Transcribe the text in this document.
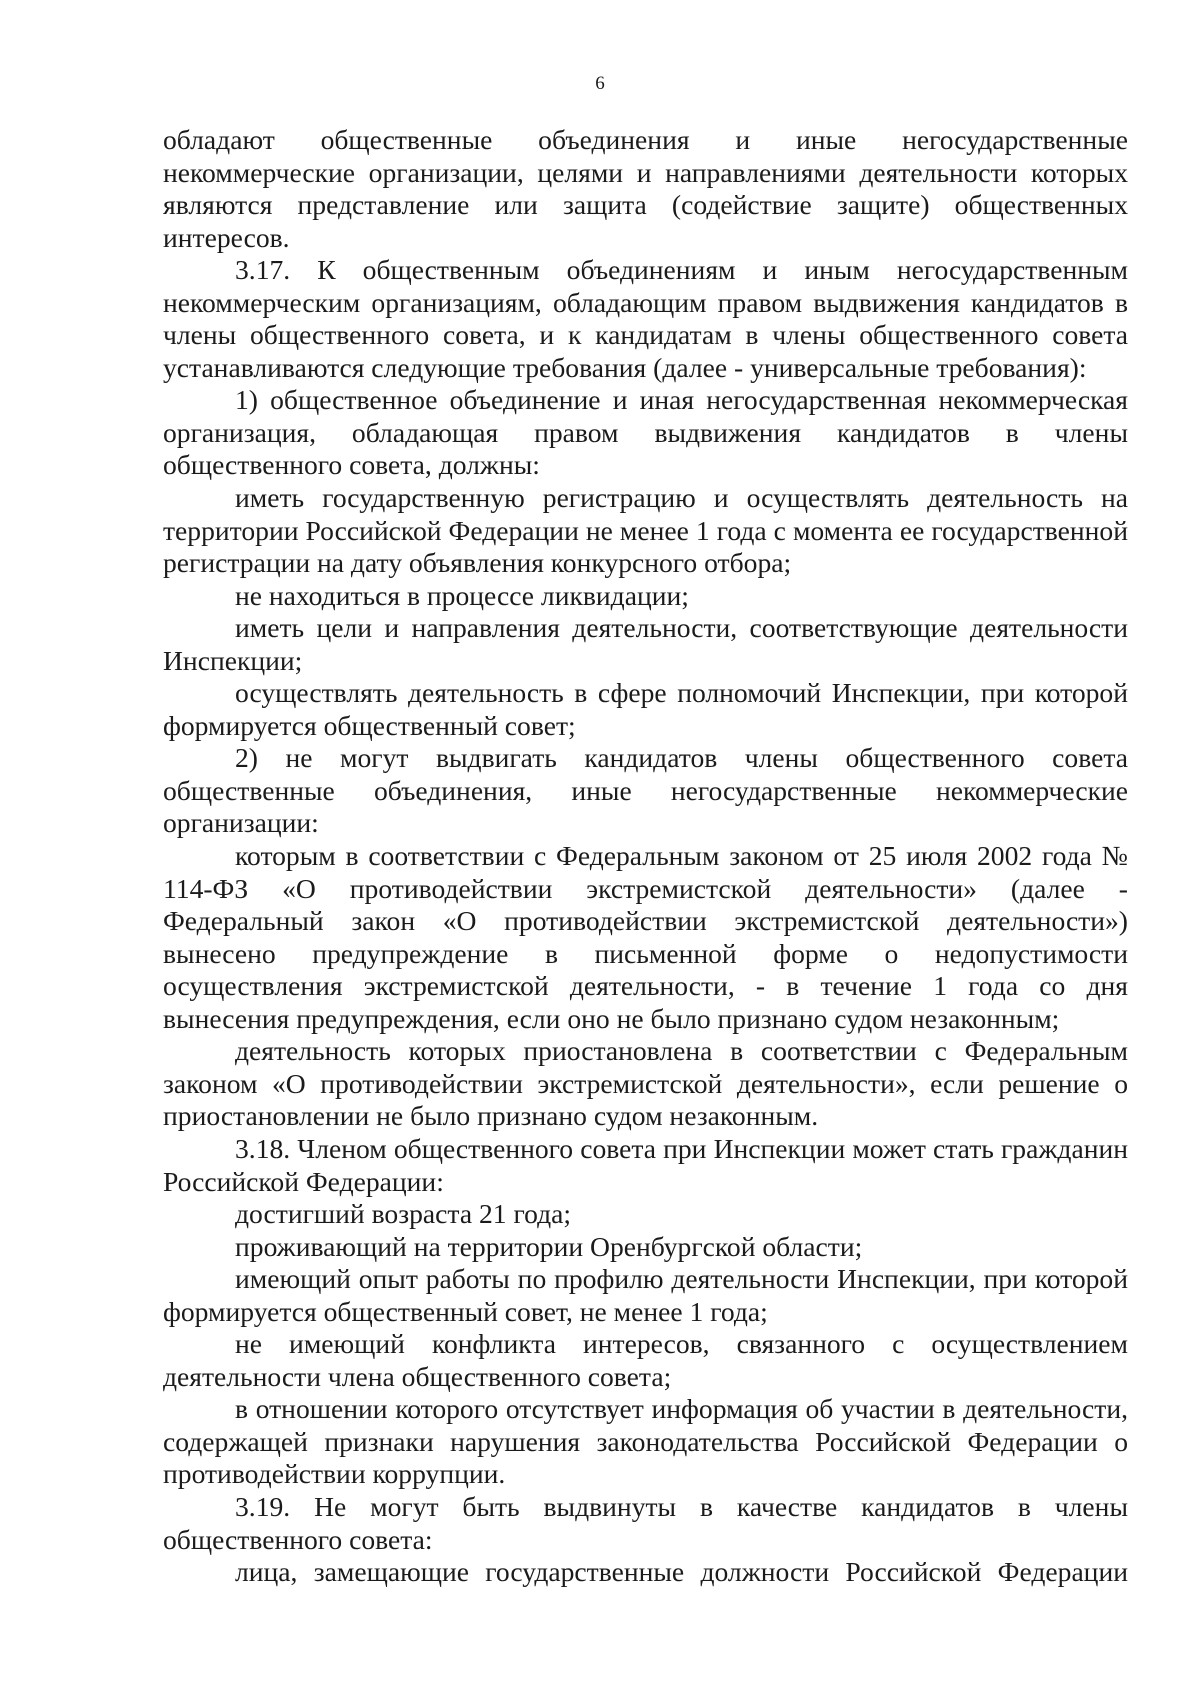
6

обладают общественные объединения и иные негосударственные некоммерческие организации, целями и направлениями деятельности которых являются представление или защита (содействие защите) общественных интересов.

3.17. К общественным объединениям и иным негосударственным некоммерческим организациям, обладающим правом выдвижения кандидатов в члены общественного совета, и к кандидатам в члены общественного совета устанавливаются следующие требования (далее - универсальные требования):

1) общественное объединение и иная негосударственная некоммерческая организация, обладающая правом выдвижения кандидатов в члены общественного совета, должны:

иметь государственную регистрацию и осуществлять деятельность на территории Российской Федерации не менее 1 года с момента ее государственной регистрации на дату объявления конкурсного отбора;

не находиться в процессе ликвидации;

иметь цели и направления деятельности, соответствующие деятельности Инспекции;

осуществлять деятельность в сфере полномочий Инспекции, при которой формируется общественный совет;

2) не могут выдвигать кандидатов члены общественного совета общественные объединения, иные негосударственные некоммерческие организации:

которым в соответствии с Федеральным законом от 25 июля 2002 года № 114-ФЗ «О противодействии экстремистской деятельности» (далее - Федеральный закон «О противодействии экстремистской деятельности») вынесено предупреждение в письменной форме о недопустимости осуществления экстремистской деятельности, - в течение 1 года со дня вынесения предупреждения, если оно не было признано судом незаконным;

деятельность которых приостановлена в соответствии с Федеральным законом «О противодействии экстремистской деятельности», если решение о приостановлении не было признано судом незаконным.

3.18. Членом общественного совета при Инспекции может стать гражданин Российской Федерации:

достигший возраста 21 года;

проживающий на территории Оренбургской области;

имеющий опыт работы по профилю деятельности Инспекции, при которой формируется общественный совет, не менее 1 года;

не имеющий конфликта интересов, связанного с осуществлением деятельности члена общественного совета;

в отношении которого отсутствует информация об участии в деятельности, содержащей признаки нарушения законодательства Российской Федерации о противодействии коррупции.

3.19. Не могут быть выдвинуты в качестве кандидатов в члены общественного совета:

лица, замещающие государственные должности Российской Федерации
